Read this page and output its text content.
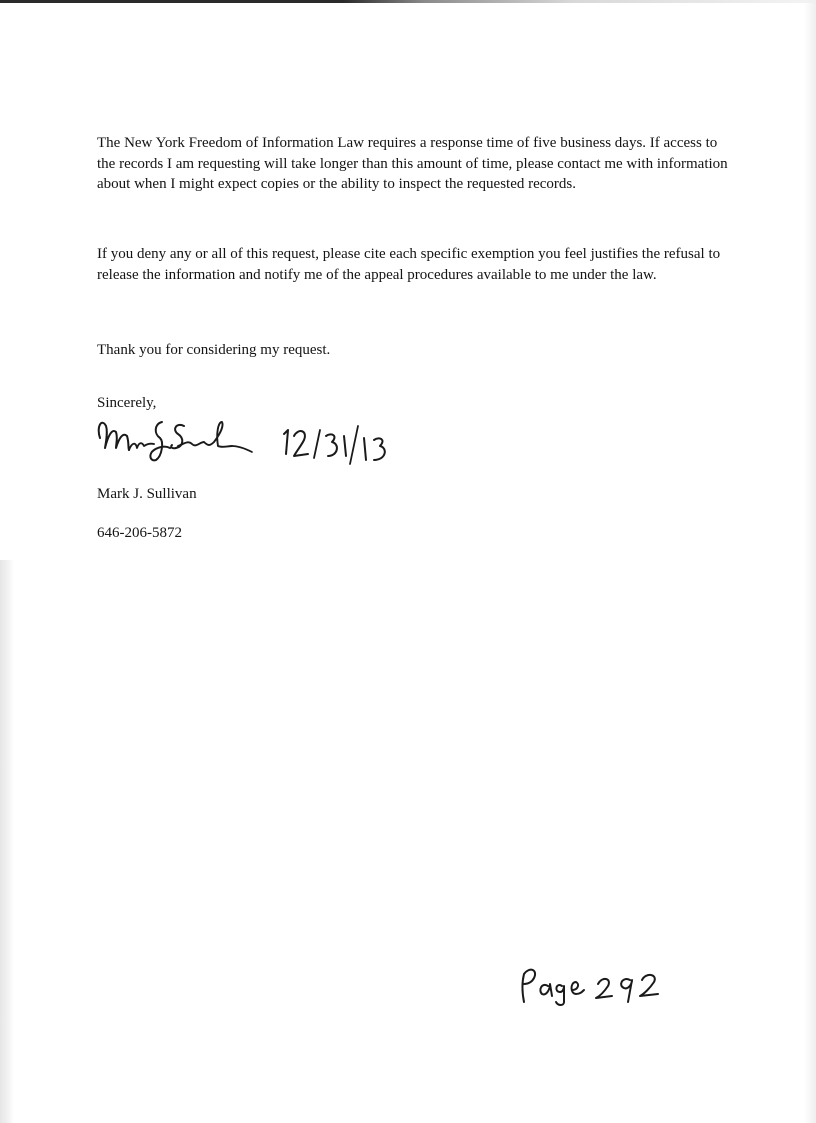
The New York Freedom of Information Law requires a response time of five business days. If access to the records I am requesting will take longer than this amount of time, please contact me with information about when I might expect copies or the ability to inspect the requested records.

If you deny any or all of this request, please cite each specific exemption you feel justifies the refusal to release the information and notify me of the appeal procedures available to me under the law.

Thank you for considering my request.

Sincerely,

Mark J. Sullivan

646-206-5872
